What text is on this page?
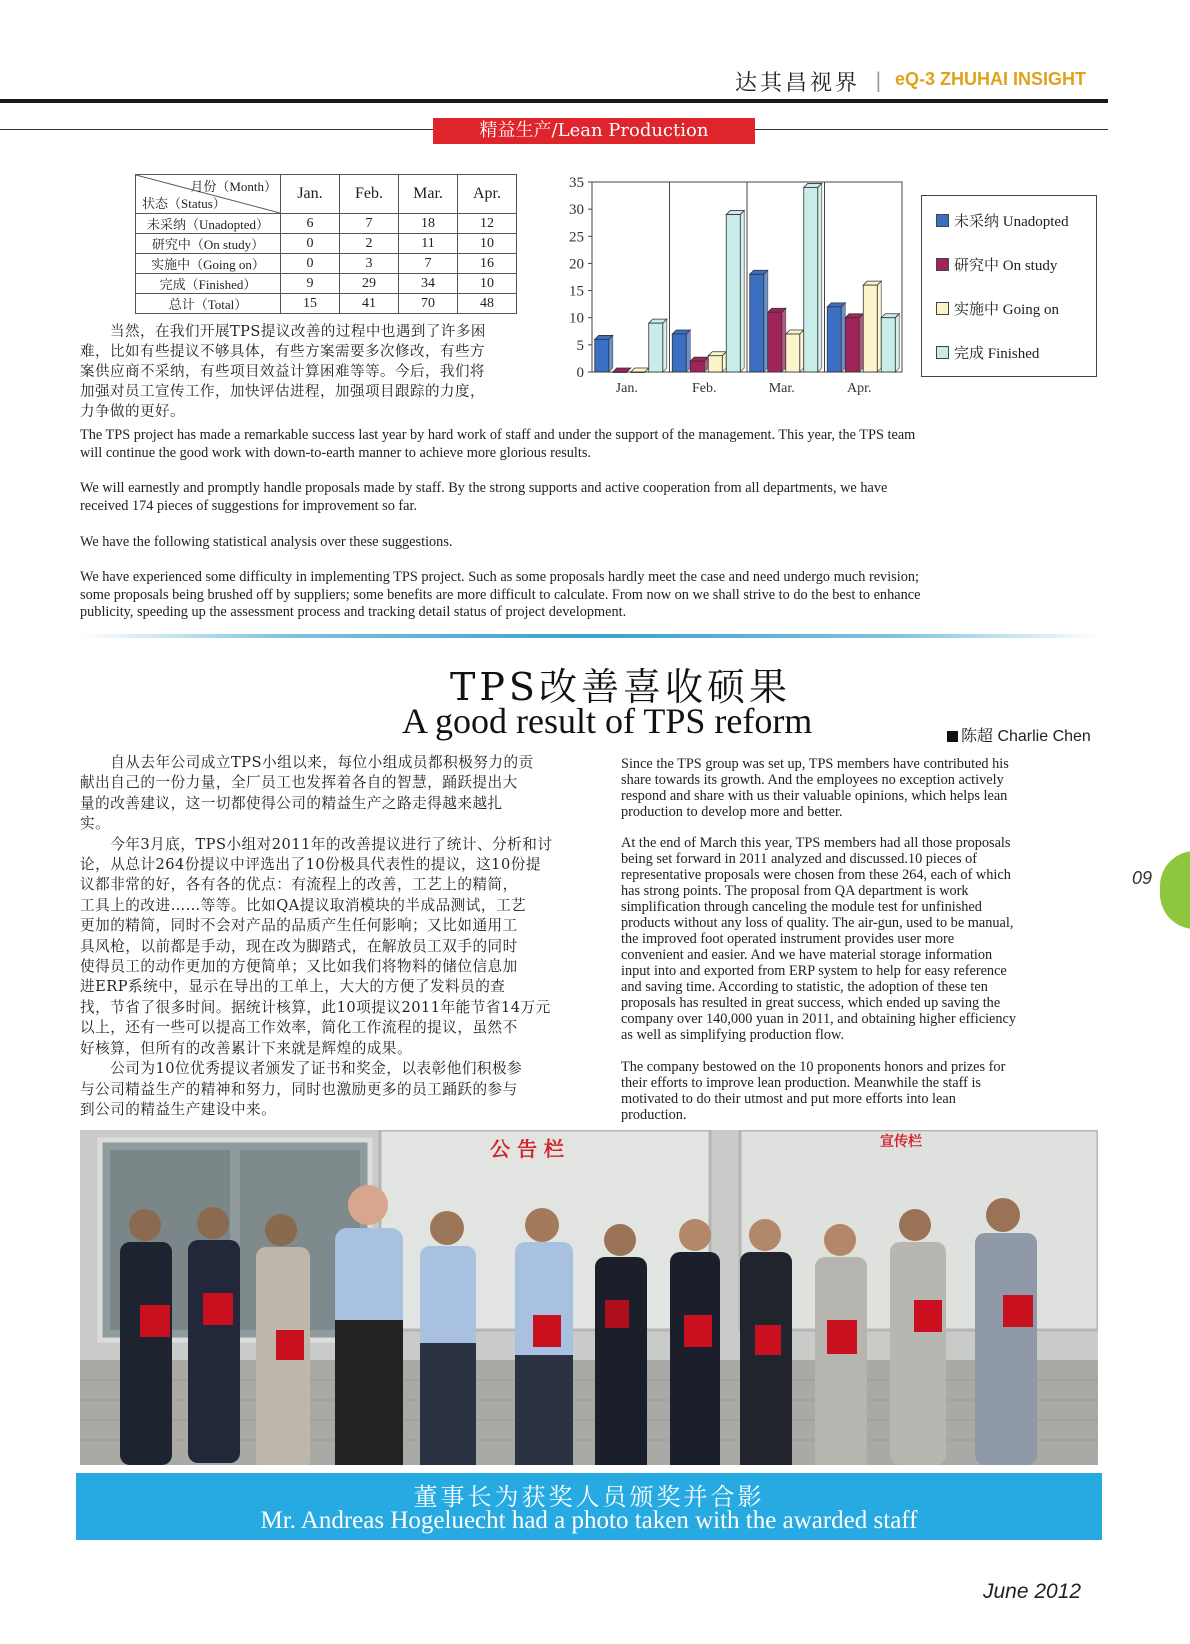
达其昌视界 | eQ-3 ZHUHAI INSIGHT
精益生产/Lean Production
月份（Month）
状态（Status）	Jan.	Feb.	Mar.	Apr.
未采纳（Unadopted）	6	7	18	12
研究中（On study）	0	2	11	10
实施中（Going on）	0	3	7	16
完成（Finished）	9	29	34	10
总计（Total）	15	41	70	48
0
5
10
15
20
25
30
35
Jan.	Feb.	Mar.	Apr.
未采纳 Unadopted
研究中 On study
实施中 Going on
完成 Finished
当然，在我们开展TPS提议改善的过程中也遇到了许多困
难，比如有些提议不够具体，有些方案需要多次修改，有些方
案供应商不采纳，有些项目效益计算困难等等。今后，我们将
加强对员工宣传工作，加快评估进程，加强项目跟踪的力度，
力争做的更好。
The TPS project has made a remarkable success last year by hard work of staff and under the support of the management. This year, the TPS team
will continue the good work with down-to-earth manner to achieve more glorious results.
We will earnestly and promptly handle proposals made by staff. By the strong supports and active cooperation from all departments, we have
received 174 pieces of suggestions for improvement so far.
We have the following statistical analysis over these suggestions.
We have experienced some difficulty in implementing TPS project. Such as some proposals hardly meet the case and need undergo much revision;
some proposals being brushed off by suppliers; some benefits are more difficult to calculate. From now on we shall strive to do the best to enhance
publicity, speeding up the assessment process and tracking detail status of project development.
TPS改善喜收硕果
A good result of TPS reform	陈超 Charlie Chen
　　自从去年公司成立TPS小组以来，每位小组成员都积极努力的贡
献出自己的一份力量，全厂员工也发挥着各自的智慧，踊跃提出大
量的改善建议，这一切都使得公司的精益生产之路走得越来越扎
实。
　　今年3月底，TPS小组对2011年的改善提议进行了统计、分析和讨
论，从总计264份提议中评选出了10份极具代表性的提议，这10份提
议都非常的好，各有各的优点：有流程上的改善，工艺上的精简，
工具上的改进……等等。比如QA提议取消模块的半成品测试，工艺
更加的精简，同时不会对产品的品质产生任何影响；又比如通用工
具风枪，以前都是手动，现在改为脚踏式，在解放员工双手的同时
使得员工的动作更加的方便简单；又比如我们将物料的储位信息加
进ERP系统中，显示在导出的工单上，大大的方便了发料员的查
找，节省了很多时间。据统计核算，此10项提议2011年能节省14万元
以上，还有一些可以提高工作效率，简化工作流程的提议，虽然不
好核算，但所有的改善累计下来就是辉煌的成果。
　　公司为10位优秀提议者颁发了证书和奖金，以表彰他们积极参
与公司精益生产的精神和努力，同时也激励更多的员工踊跃的参与
到公司的精益生产建设中来。
Since the TPS group was set up, TPS members have contributed his
share towards its growth. And the employees no exception actively
respond and share with us their valuable opinions, which helps lean
production to develop more and better.
At the end of March this year, TPS members had all those proposals
being set forward in 2011 analyzed and discussed.10 pieces of
representative proposals were chosen from these 264, each of which
has strong points. The proposal from QA department is work
simplification through canceling the module test for unfinished
products without any loss of quality. The air-gun, used to be manual,
the improved foot operated instrument provides user more
convenient and easier. And we have material storage information
input into and exported from ERP system to help for easy reference
and saving time. According to statistic, the adoption of these ten
proposals has resulted in great success, which ended up saving the
company over 140,000 yuan in 2011, and obtaining higher efficiency
as well as simplifying production flow.
The company bestowed on the 10 proponents honors and prizes for
their efforts to improve lean production. Meanwhile the staff is
motivated to do their utmost and put more efforts into lean
production.
09
公 告 栏	宣传栏
董事长为获奖人员颁奖并合影
Mr. Andreas Hogeluecht had a photo taken with the awarded staff
June 2012
